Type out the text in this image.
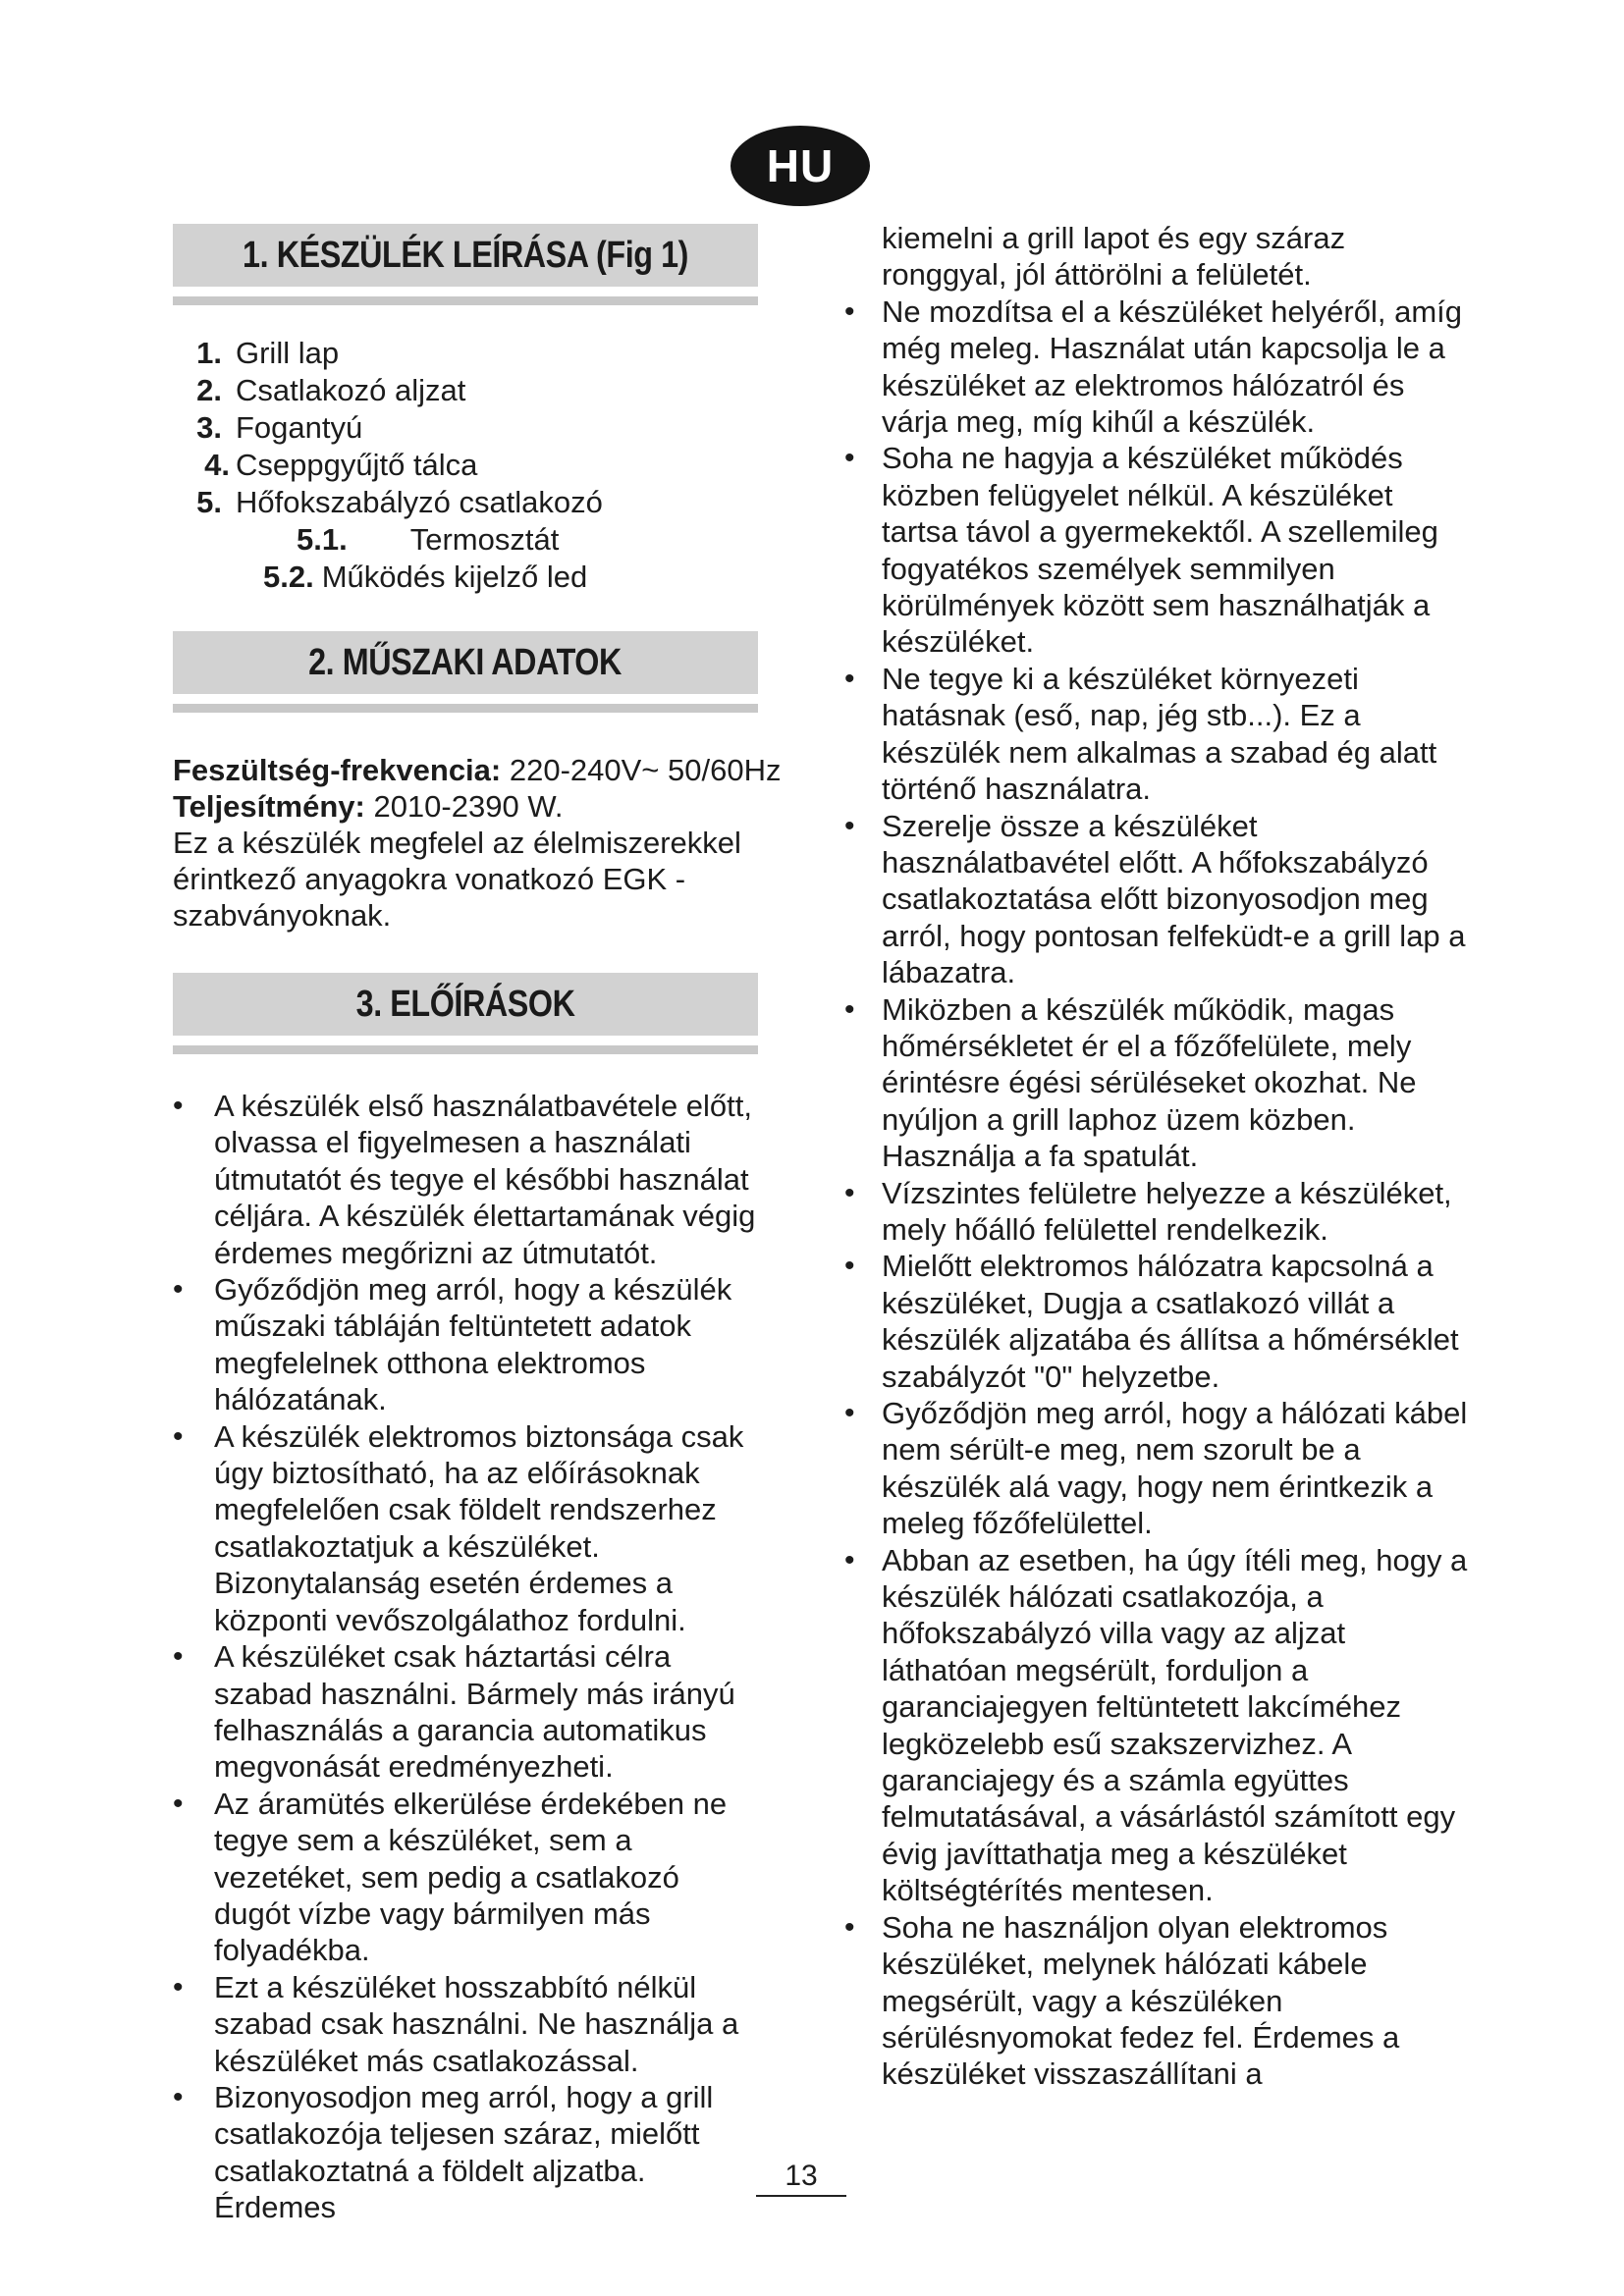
HU
1. KÉSZÜLÉK LEÍRÁSA (Fig 1)
1. Grill lap
2. Csatlakozó aljzat
3. Fogantyú
4. Cseppgyűjtő tálca
5. Hőfokszabályzó csatlakozó
5.1.	Termosztát
5.2. Működés kijelző led
2. MŰSZAKI ADATOK

Feszültség-frekvencia: 220-240V~ 50/60Hz

Teljesítmény: 2010-2390 W.

Ez a készülék megfelel az élelmiszerekkel érintkező anyagokra vonatkozó EGK -szabványoknak.

3. ELŐÍRÁSOK
• A készülék első használatbavétele előtt, olvassa el figyelmesen a használati útmutatót és tegye el későbbi használat céljára. A készülék élettartamának végig érdemes megőrizni az útmutatót.
• Győződjön meg arról, hogy a készülék műszaki tábláján feltüntetett adatok megfelelnek otthona elektromos hálózatának.
• A készülék elektromos biztonsága csak úgy biztosítható, ha az előírásoknak megfelelően csak földelt rendszerhez csatlakoztatjuk a készüléket. Bizonytalanság esetén érdemes a központi vevőszolgálathoz fordulni.
• A készüléket csak háztartási célra szabad használni. Bármely más irányú felhasználás a garancia automatikus megvonását eredményezheti.
• Az áramütés elkerülése érdekében ne tegye sem a készüléket, sem a vezetéket, sem pedig a csatlakozó dugót vízbe vagy bármilyen más folyadékba.
• Ezt a készüléket hosszabbító nélkül szabad csak használni. Ne használja a készüléket más csatlakozással.
• Bizonyosodjon meg arról, hogy a grill csatlakozója teljesen száraz, mielőtt csatlakoztatná a földelt aljzatba. Érdemes

kiemelni a grill lapot és egy száraz ronggyal, jól áttörölni a felületét.

• Ne mozdítsa el a készüléket helyéről, amíg még meleg. Használat után kapcsolja le a készüléket az elektromos hálózatról és várja meg, míg kihűl a készülék.
• Soha ne hagyja a készüléket működés közben felügyelet nélkül. A készüléket tartsa távol a gyermekektől. A szellemileg fogyatékos személyek semmilyen körülmények között sem használhatják a készüléket.
• Ne tegye ki a készüléket környezeti hatásnak (eső, nap, jég stb...). Ez a készülék nem alkalmas a szabad ég alatt történő használatra.
• Szerelje össze a készüléket használatbavétel előtt. A hőfokszabályzó csatlakoztatása előtt bizonyosodjon meg arról, hogy pontosan felfeküdt-e a grill lap a lábazatra.
• Miközben a készülék működik, magas hőmérsékletet ér el a főzőfelülete, mely érintésre égési sérüléseket okozhat. Ne nyúljon a grill laphoz üzem közben. Használja a fa spatulát.
• Vízszintes felületre helyezze a készüléket, mely hőálló felülettel rendelkezik.
• Mielőtt elektromos hálózatra kapcsolná a készüléket, Dugja a csatlakozó villát a készülék aljzatába és állítsa a hőmérséklet szabályzót "0" helyzetbe.
• Győződjön meg arról, hogy a hálózati kábel nem sérült-e meg, nem szorult be a készülék alá vagy, hogy nem érintkezik a meleg főzőfelülettel.
• Abban az esetben, ha úgy ítéli meg, hogy a készülék hálózati csatlakozója, a hőfokszabályzó villa vagy az aljzat láthatóan megsérült, forduljon a garanciajegyen feltüntetett lakcíméhez legközelebb esű szakszervizhez. A garanciajegy és a számla együttes felmutatásával, a vásárlástól számított egy évig javíttathatja meg a készüléket költségtérítés mentesen.
• Soha ne használjon olyan elektromos készüléket, melynek hálózati kábele megsérült, vagy a készüléken sérülésnyomokat fedez fel. Érdemes a készüléket visszaszállítani a
13
